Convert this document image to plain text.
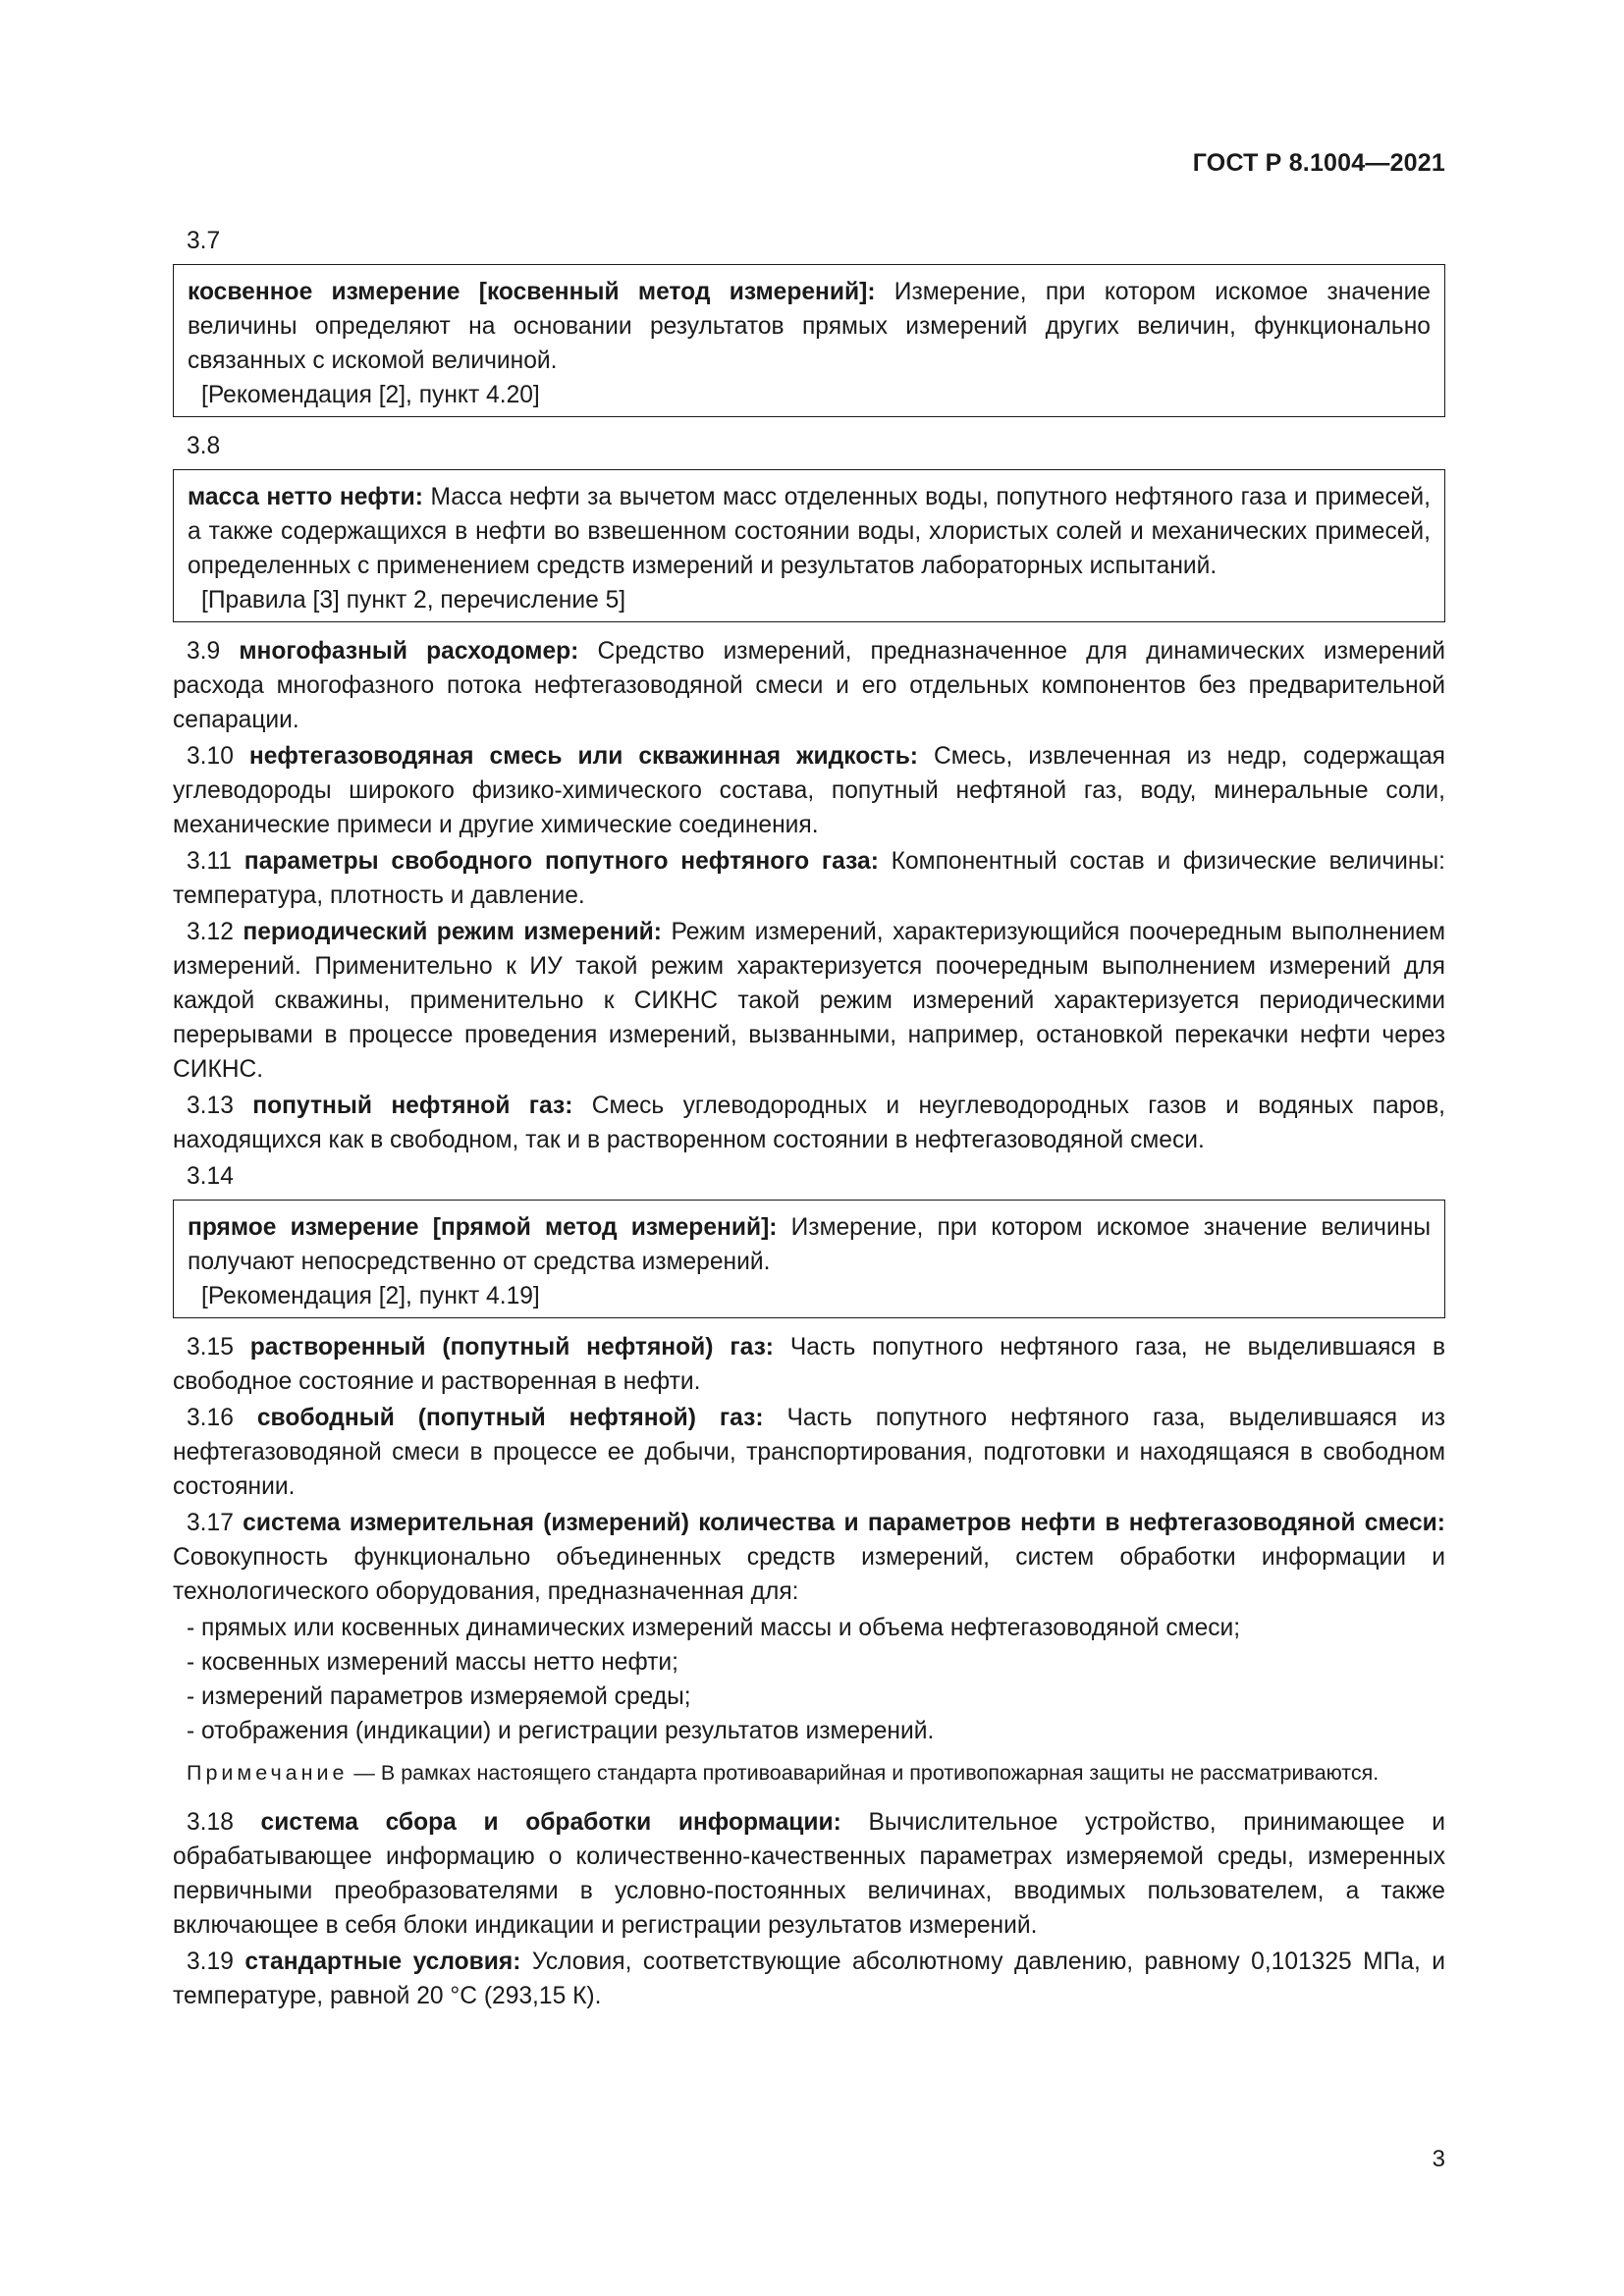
ГОСТ Р 8.1004—2021

3.7

косвенное измерение [косвенный метод измерений]: Измерение, при котором искомое значение величины определяют на основании результатов прямых измерений других величин, функционально связанных с искомой величиной.

[Рекомендация [2], пункт 4.20]

3.8

масса нетто нефти: Масса нефти за вычетом масс отделенных воды, попутного нефтяного газа и примесей, а также содержащихся в нефти во взвешенном состоянии воды, хлористых солей и механических примесей, определенных с применением средств измерений и результатов лабораторных испытаний.

[Правила [3] пункт 2, перечисление 5]

3.9 многофазный расходомер: Средство измерений, предназначенное для динамических измерений расхода многофазного потока нефтегазоводяной смеси и его отдельных компонентов без предварительной сепарации.

3.10 нефтегазоводяная смесь или скважинная жидкость: Смесь, извлеченная из недр, содержащая углеводороды широкого физико-химического состава, попутный нефтяной газ, воду, минеральные соли, механические примеси и другие химические соединения.

3.11 параметры свободного попутного нефтяного газа: Компонентный состав и физические величины: температура, плотность и давление.

3.12 периодический режим измерений: Режим измерений, характеризующийся поочередным выполнением измерений. Применительно к ИУ такой режим характеризуется поочередным выполнением измерений для каждой скважины, применительно к СИКНС такой режим измерений характеризуется периодическими перерывами в процессе проведения измерений, вызванными, например, остановкой перекачки нефти через СИКНС.

3.13 попутный нефтяной газ: Смесь углеводородных и неуглеводородных газов и водяных паров, находящихся как в свободном, так и в растворенном состоянии в нефтегазоводяной смеси.

3.14

прямое измерение [прямой метод измерений]: Измерение, при котором искомое значение величины получают непосредственно от средства измерений.

[Рекомендация [2], пункт 4.19]

3.15 растворенный (попутный нефтяной) газ: Часть попутного нефтяного газа, не выделившаяся в свободное состояние и растворенная в нефти.

3.16 свободный (попутный нефтяной) газ: Часть попутного нефтяного газа, выделившаяся из нефтегазоводяной смеси в процессе ее добычи, транспортирования, подготовки и находящаяся в свободном состоянии.

3.17 система измерительная (измерений) количества и параметров нефти в нефтегазоводяной смеси: Совокупность функционально объединенных средств измерений, систем обработки информации и технологического оборудования, предназначенная для:

- прямых или косвенных динамических измерений массы и объема нефтегазоводяной смеси;
- косвенных измерений массы нетто нефти;
- измерений параметров измеряемой среды;
- отображения (индикации) и регистрации результатов измерений.

Примечание — В рамках настоящего стандарта противоаварийная и противопожарная защиты не рассматриваются.

3.18 система сбора и обработки информации: Вычислительное устройство, принимающее и обрабатывающее информацию о количественно-качественных параметрах измеряемой среды, измеренных первичными преобразователями в условно-постоянных величинах, вводимых пользователем, а также включающее в себя блоки индикации и регистрации результатов измерений.

3.19 стандартные условия: Условия, соответствующие абсолютному давлению, равному 0,101325 МПа, и температуре, равной 20 °С (293,15 К).

3
